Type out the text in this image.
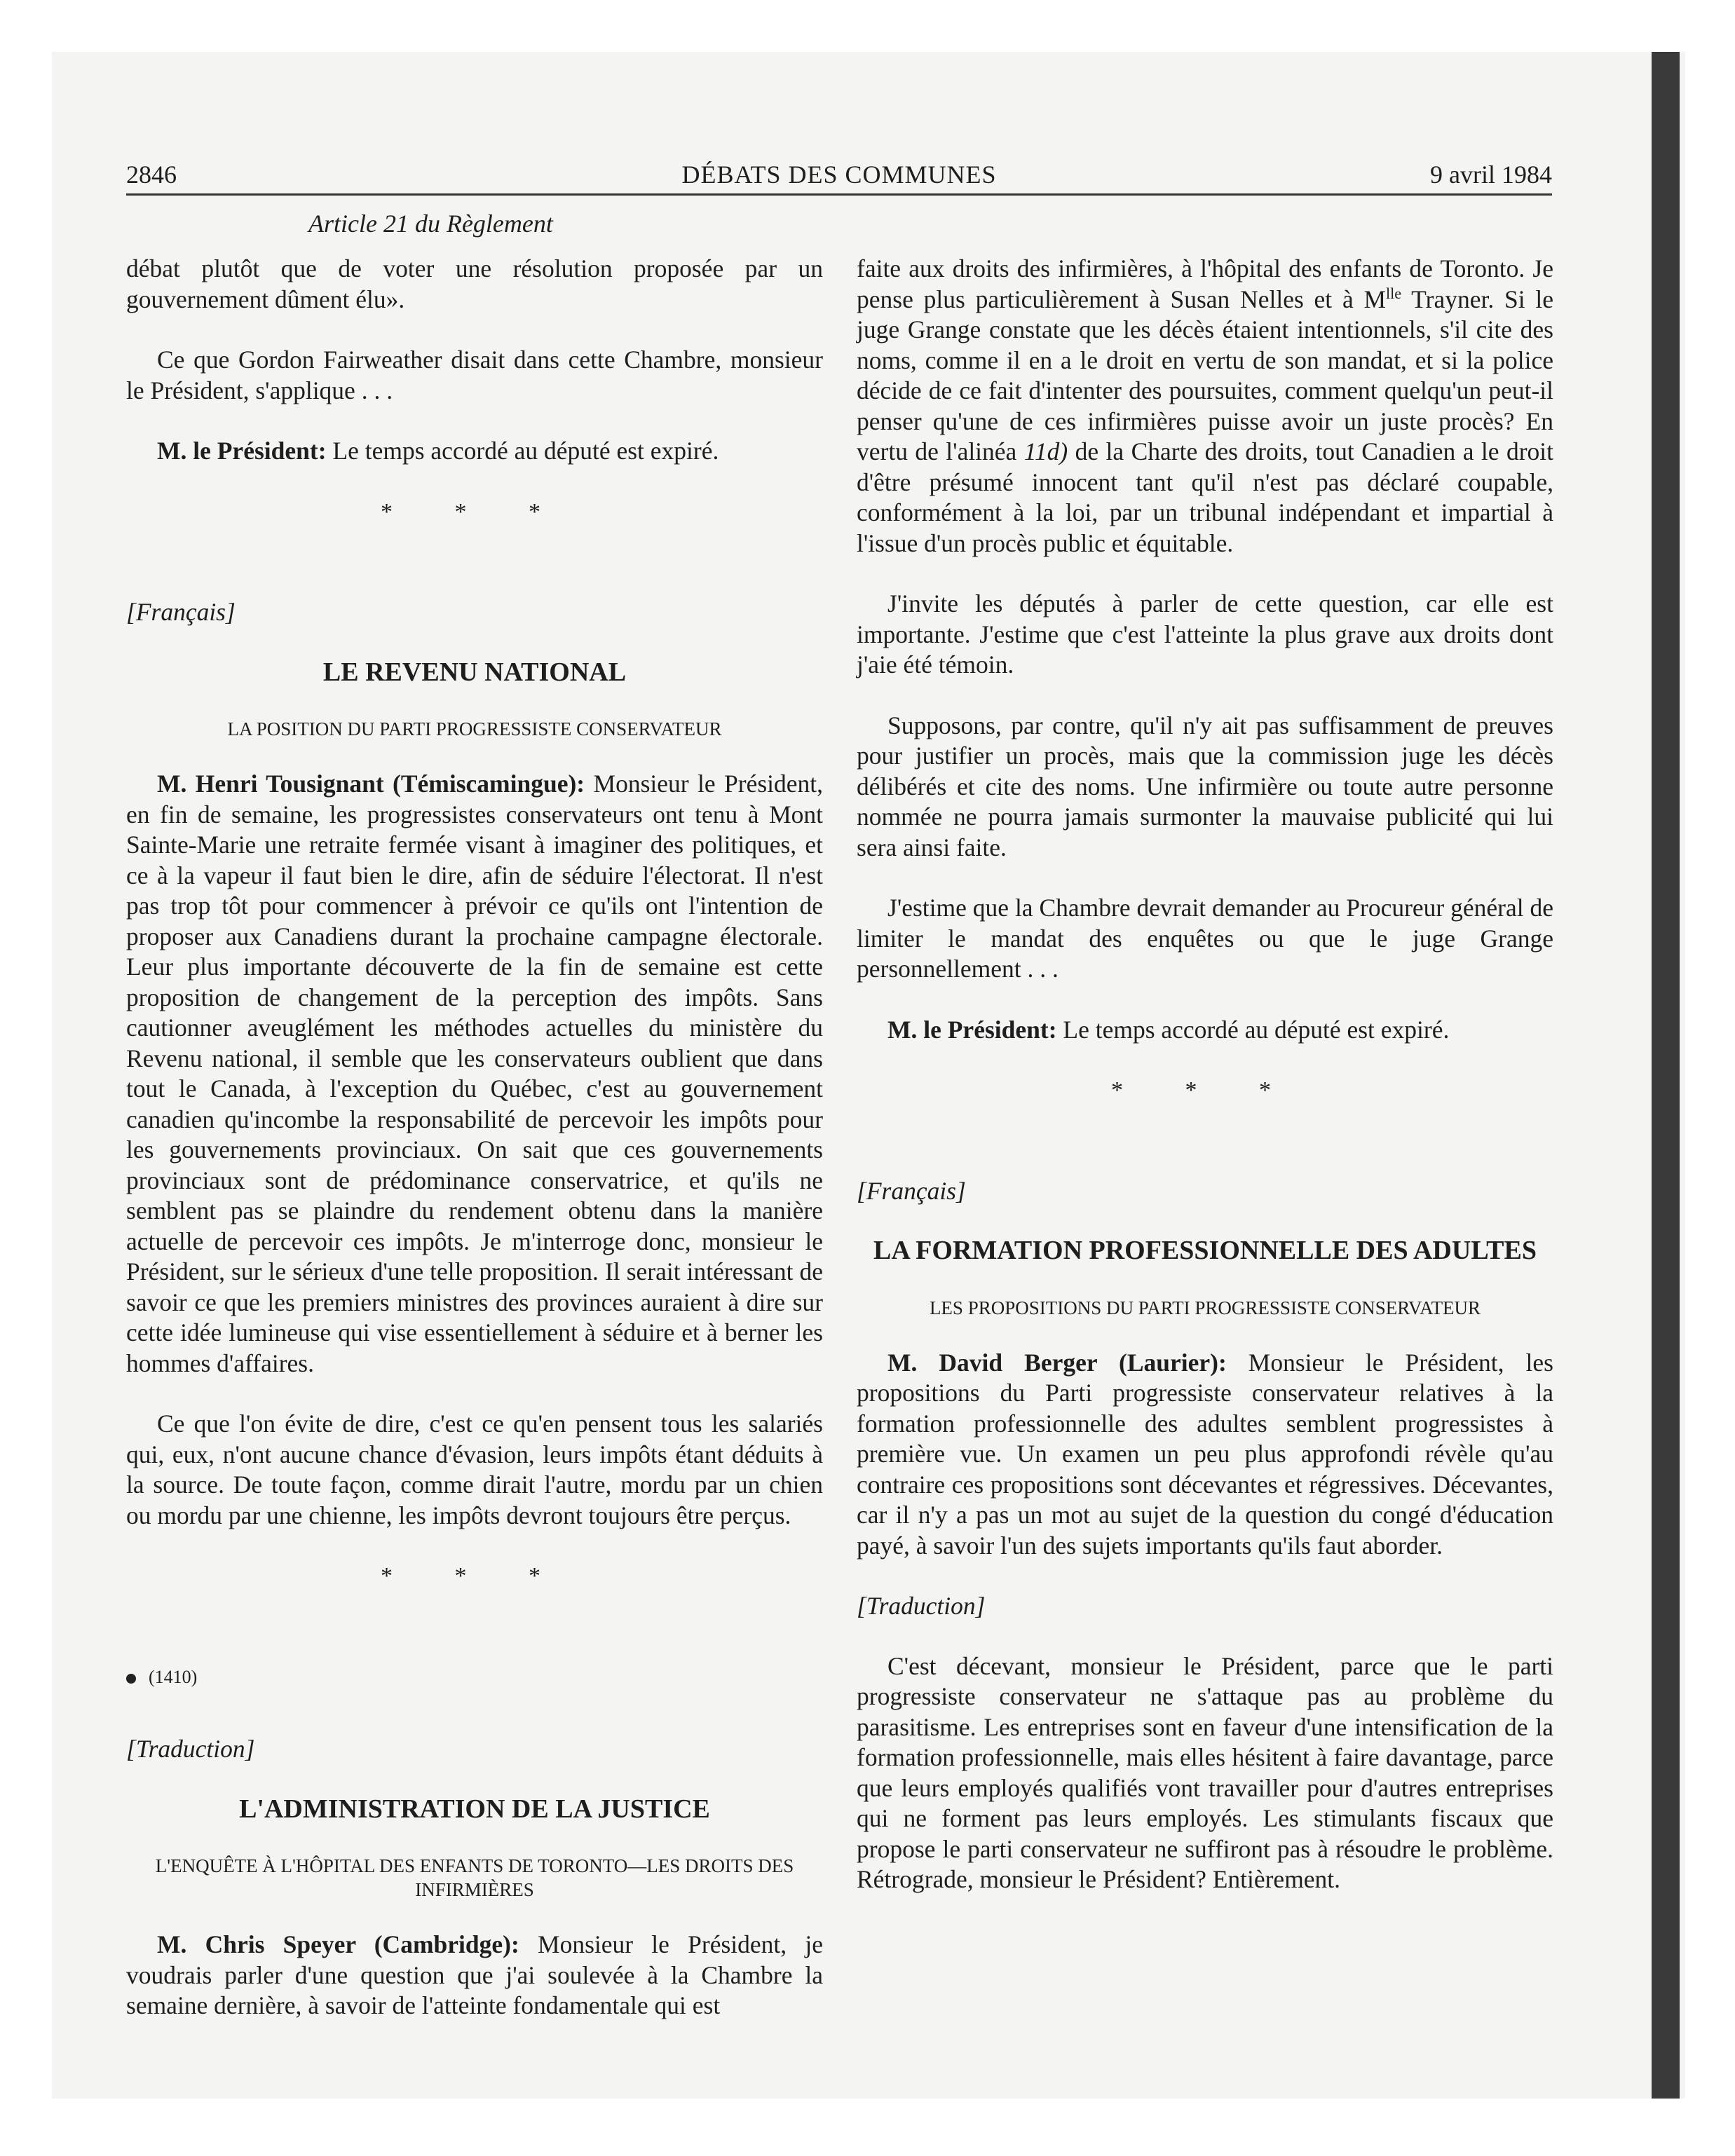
2846	DÉBATS DES COMMUNES	9 avril 1984
Article 21 du Règlement

débat plutôt que de voter une résolution proposée par un gouvernement dûment élu».

Ce que Gordon Fairweather disait dans cette Chambre, monsieur le Président, s'applique . . .

M. le Président: Le temps accordé au député est expiré.

* * *
[Français]
LE REVENU NATIONAL
LA POSITION DU PARTI PROGRESSISTE CONSERVATEUR

M. Henri Tousignant (Témiscamingue): Monsieur le Président, en fin de semaine, les progressistes conservateurs ont tenu à Mont Sainte-Marie une retraite fermée visant à imaginer des politiques, et ce à la vapeur il faut bien le dire, afin de séduire l'électorat. Il n'est pas trop tôt pour commencer à prévoir ce qu'ils ont l'intention de proposer aux Canadiens durant la prochaine campagne électorale. Leur plus importante découverte de la fin de semaine est cette proposition de changement de la perception des impôts. Sans cautionner aveuglément les méthodes actuelles du ministère du Revenu national, il semble que les conservateurs oublient que dans tout le Canada, à l'exception du Québec, c'est au gouvernement canadien qu'incombe la responsabilité de percevoir les impôts pour les gouvernements provinciaux. On sait que ces gouvernements provinciaux sont de prédominance conservatrice, et qu'ils ne semblent pas se plaindre du rendement obtenu dans la manière actuelle de percevoir ces impôts. Je m'interroge donc, monsieur le Président, sur le sérieux d'une telle proposition. Il serait intéressant de savoir ce que les premiers ministres des provinces auraient à dire sur cette idée lumineuse qui vise essentiellement à séduire et à berner les hommes d'affaires.

Ce que l'on évite de dire, c'est ce qu'en pensent tous les salariés qui, eux, n'ont aucune chance d'évasion, leurs impôts étant déduits à la source. De toute façon, comme dirait l'autre, mordu par un chien ou mordu par une chienne, les impôts devront toujours être perçus.

* * *
(1410)
[Traduction]
L'ADMINISTRATION DE LA JUSTICE
L'ENQUÊTE À L'HÔPITAL DES ENFANTS DE TORONTO—LES DROITS DES INFIRMIÈRES

M. Chris Speyer (Cambridge): Monsieur le Président, je voudrais parler d'une question que j'ai soulevée à la Chambre la semaine dernière, à savoir de l'atteinte fondamentale qui est

faite aux droits des infirmières, à l'hôpital des enfants de Toronto. Je pense plus particulièrement à Susan Nelles et à $M^{lle}$ Trayner. Si le juge Grange constate que les décès étaient intentionnels, s'il cite des noms, comme il en a le droit en vertu de son mandat, et si la police décide de ce fait d'intenter des poursuites, comment quelqu'un peut-il penser qu'une de ces infirmières puisse avoir un juste procès? En vertu de l'alinéa 11d) de la Charte des droits, tout Canadien a le droit d'être présumé innocent tant qu'il n'est pas déclaré coupable, conformément à la loi, par un tribunal indépendant et impartial à l'issue d'un procès public et équitable.

J'invite les députés à parler de cette question, car elle est importante. J'estime que c'est l'atteinte la plus grave aux droits dont j'aie été témoin.

Supposons, par contre, qu'il n'y ait pas suffisamment de preuves pour justifier un procès, mais que la commission juge les décès délibérés et cite des noms. Une infirmière ou toute autre personne nommée ne pourra jamais surmonter la mauvaise publicité qui lui sera ainsi faite.

J'estime que la Chambre devrait demander au Procureur général de limiter le mandat des enquêtes ou que le juge Grange personnellement . . .

M. le Président: Le temps accordé au député est expiré.

* * *
[Français]
LA FORMATION PROFESSIONNELLE DES ADULTES
LES PROPOSITIONS DU PARTI PROGRESSISTE CONSERVATEUR

M. David Berger (Laurier): Monsieur le Président, les propositions du Parti progressiste conservateur relatives à la formation professionnelle des adultes semblent progressistes à première vue. Un examen un peu plus approfondi révèle qu'au contraire ces propositions sont décevantes et régressives. Décevantes, car il n'y a pas un mot au sujet de la question du congé d'éducation payé, à savoir l'un des sujets importants qu'ils faut aborder.

[Traduction]

C'est décevant, monsieur le Président, parce que le parti progressiste conservateur ne s'attaque pas au problème du parasitisme. Les entreprises sont en faveur d'une intensification de la formation professionnelle, mais elles hésitent à faire davantage, parce que leurs employés qualifiés vont travailler pour d'autres entreprises qui ne forment pas leurs employés. Les stimulants fiscaux que propose le parti conservateur ne suffiront pas à résoudre le problème. Rétrograde, monsieur le Président? Entièrement.
